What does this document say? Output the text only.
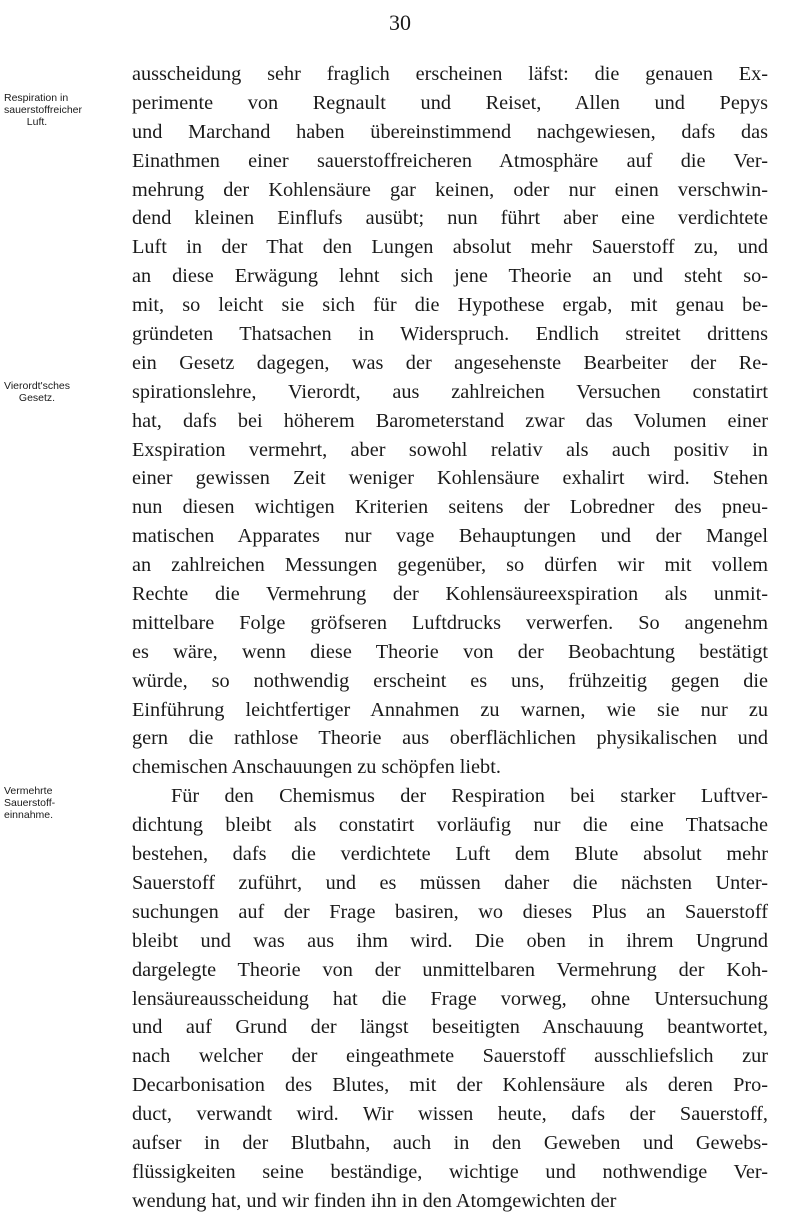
30
Respiration in
sauerstoffreicher
Luft.
Vierordt'sches
Gesetz.
Vermehrte
Sauerstoff-
einnahme.
ausscheidung sehr fraglich erscheinen läfst: die genauen Ex-
perimente von Regnault und Reiset, Allen und Pepys
und Marchand haben übereinstimmend nachgewiesen, dafs das
Einathmen einer sauerstoffreicheren Atmosphäre auf die Ver-
mehrung der Kohlensäure gar keinen, oder nur einen verschwin-
dend kleinen Einflufs ausübt; nun führt aber eine verdichtete
Luft in der That den Lungen absolut mehr Sauerstoff zu, und
an diese Erwägung lehnt sich jene Theorie an und steht so-
mit, so leicht sie sich für die Hypothese ergab, mit genau be-
gründeten Thatsachen in Widerspruch. Endlich streitet drittens
ein Gesetz dagegen, was der angesehenste Bearbeiter der Re-
spirationslehre, Vierordt, aus zahlreichen Versuchen constatirt
hat, dafs bei höherem Barometerstand zwar das Volumen einer
Exspiration vermehrt, aber sowohl relativ als auch positiv in
einer gewissen Zeit weniger Kohlensäure exhalirt wird. Stehen
nun diesen wichtigen Kriterien seitens der Lobredner des pneu-
matischen Apparates nur vage Behauptungen und der Mangel
an zahlreichen Messungen gegenüber, so dürfen wir mit vollem
Rechte die Vermehrung der Kohlensäureexspiration als unmit-
mittelbare Folge gröfseren Luftdrucks verwerfen. So angenehm
es wäre, wenn diese Theorie von der Beobachtung bestätigt
würde, so nothwendig erscheint es uns, frühzeitig gegen die
Einführung leichtfertiger Annahmen zu warnen, wie sie nur zu
gern die rathlose Theorie aus oberflächlichen physikalischen und
chemischen Anschauungen zu schöpfen liebt.
Für den Chemismus der Respiration bei starker Luftver-
dichtung bleibt als constatirt vorläufig nur die eine Thatsache
bestehen, dafs die verdichtete Luft dem Blute absolut mehr
Sauerstoff zuführt, und es müssen daher die nächsten Unter-
suchungen auf der Frage basiren, wo dieses Plus an Sauerstoff
bleibt und was aus ihm wird. Die oben in ihrem Ungrund
dargelegte Theorie von der unmittelbaren Vermehrung der Koh-
lensäureausscheidung hat die Frage vorweg, ohne Untersuchung
und auf Grund der längst beseitigten Anschauung beantwortet,
nach welcher der eingeathmete Sauerstoff ausschliefslich zur
Decarbonisation des Blutes, mit der Kohlensäure als deren Pro-
duct, verwandt wird. Wir wissen heute, dafs der Sauerstoff,
aufser in der Blutbahn, auch in den Geweben und Gewebs-
flüssigkeiten seine beständige, wichtige und nothwendige Ver-
wendung hat, und wir finden ihn in den Atomgewichten der
